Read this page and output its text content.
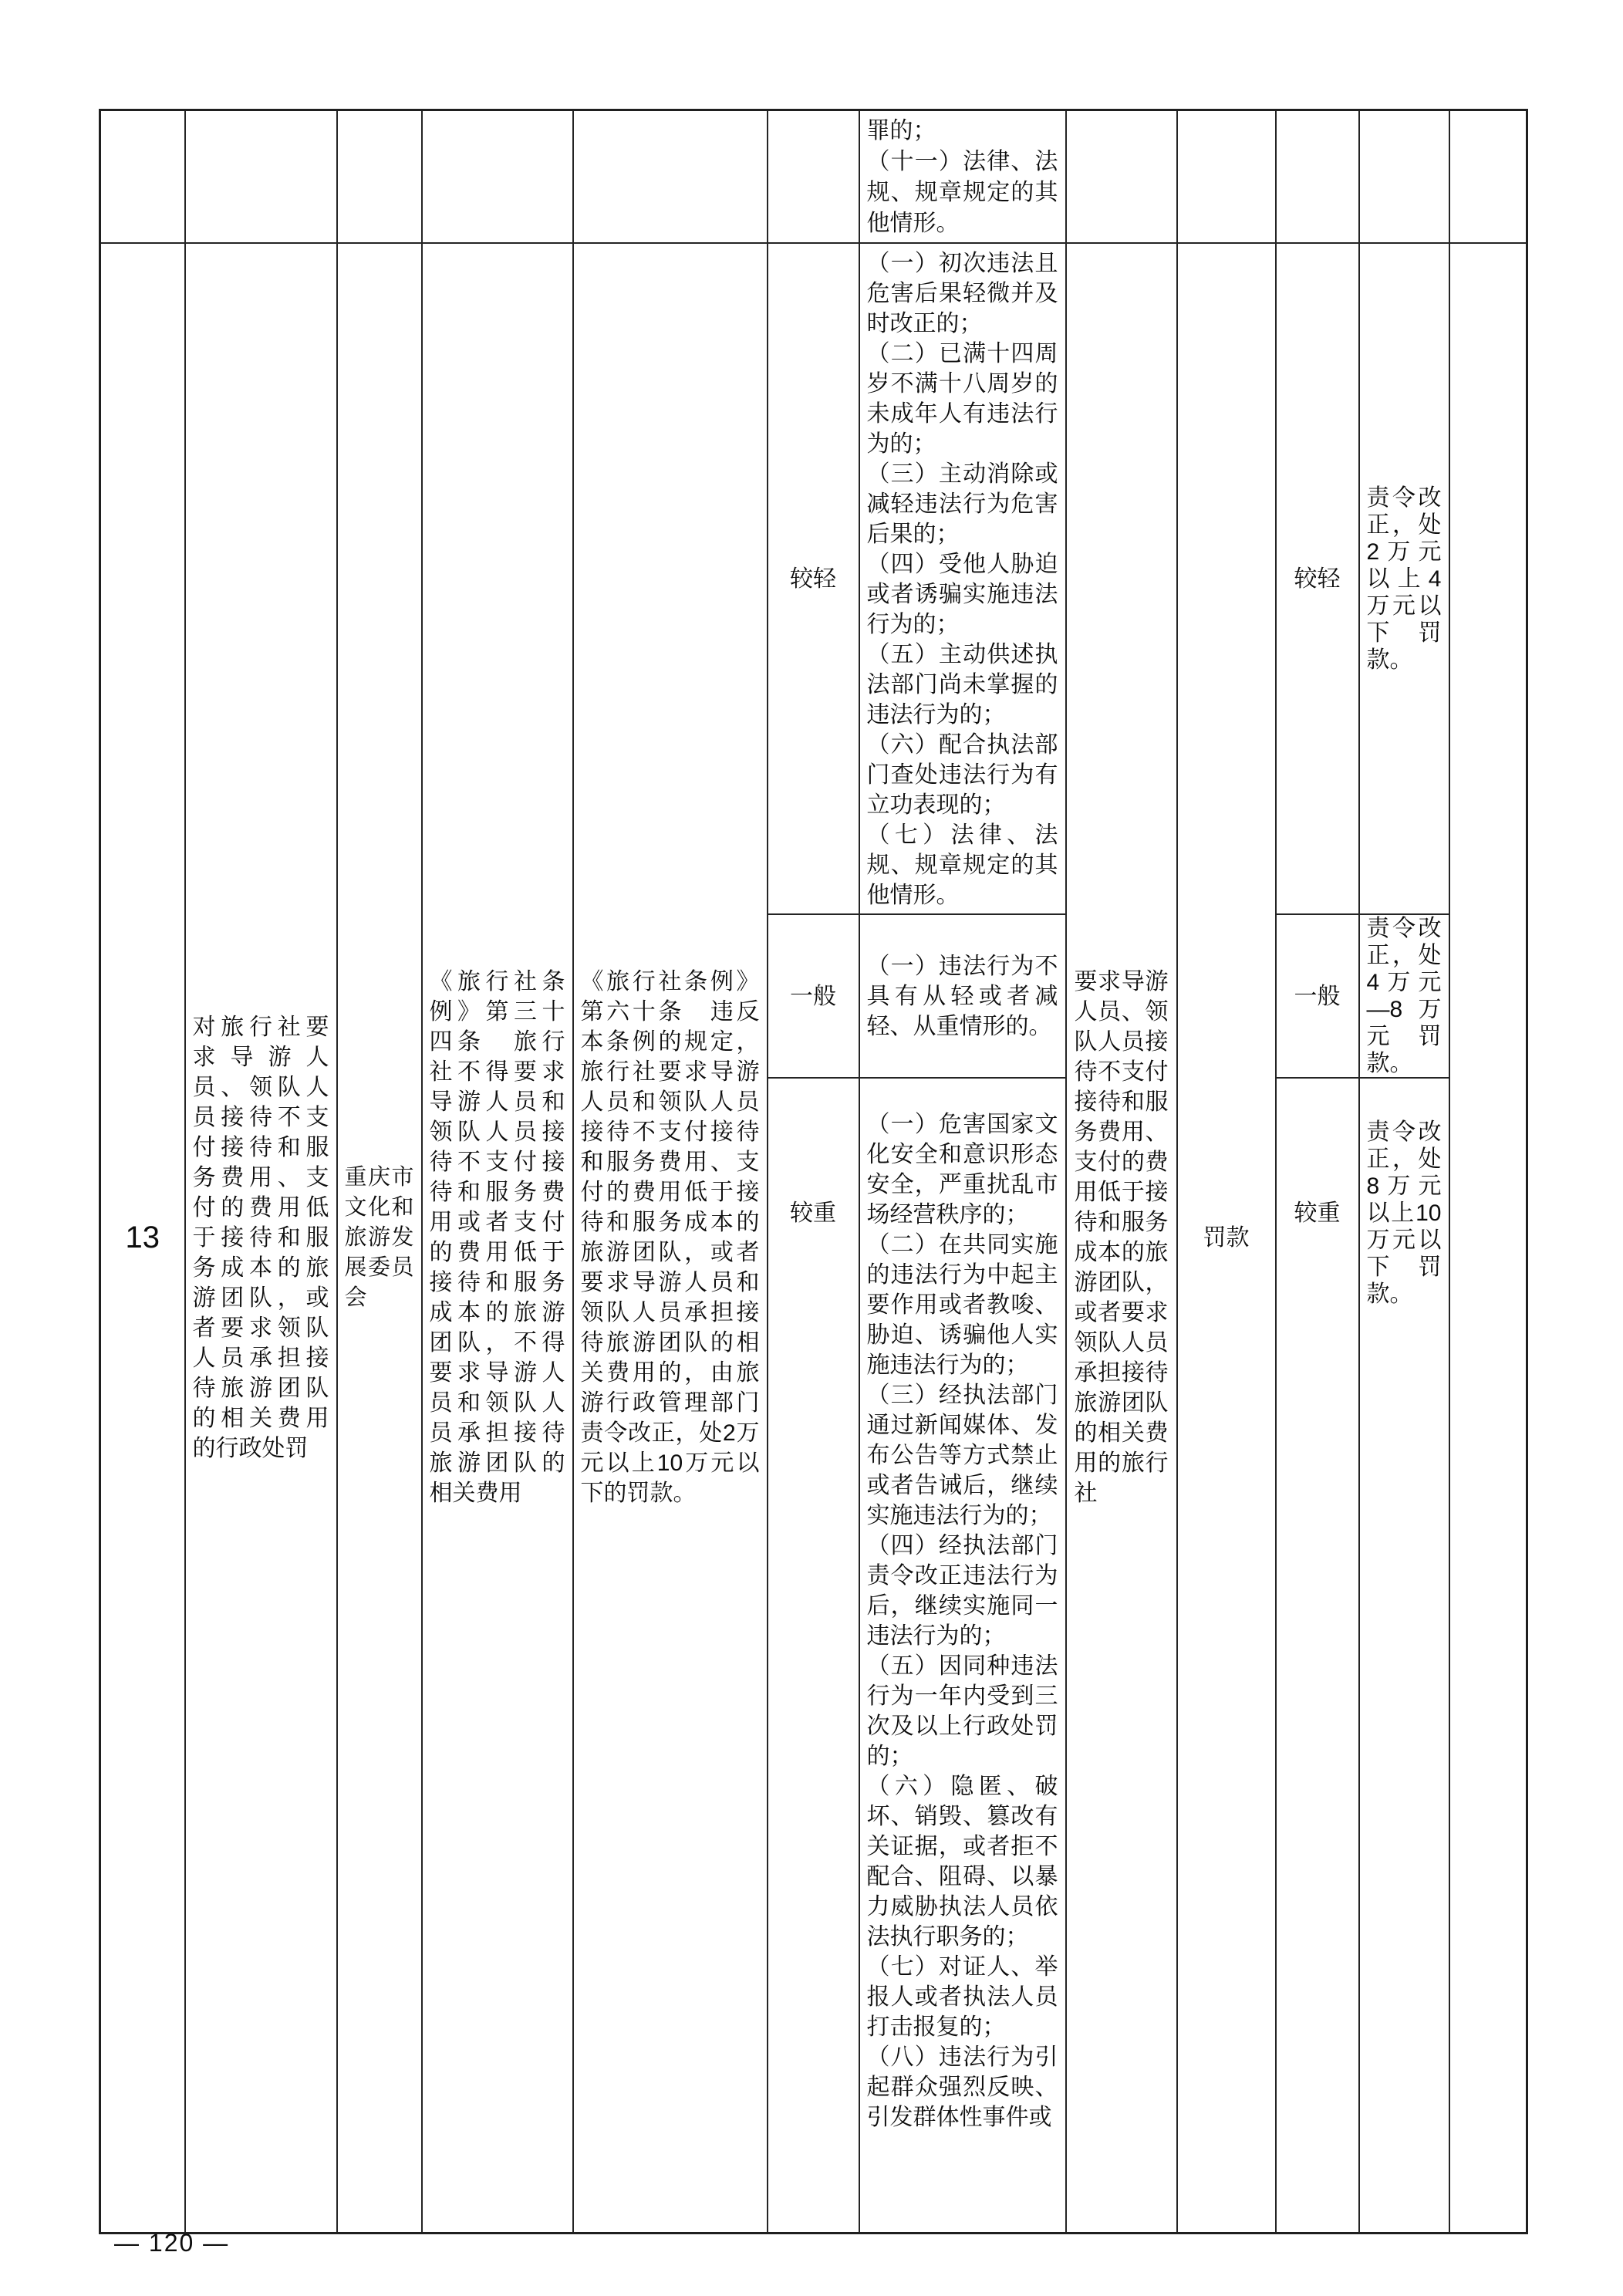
						罪的；
（十一）法律、法规、规章规定的其他情形。					
13	对旅行社要求导游人员、领队人员接待不支付接待和服务费用、支付的费用低于接待和服务成本的旅游团队，或者要求领队人员承担接待旅游团队的相关费用的行政处罚	重庆市文化和旅游发展委员会	《旅行社条例》第三十四条　旅行社不得要求导游人员和领队人员接待不支付接待和服务费用或者支付的费用低于接待和服务成本的旅游团队，不得要求导游人员和领队人员承担接待旅游团队的相关费用	《旅行社条例》第六十条　违反本条例的规定，旅行社要求导游人员和领队人员接待不支付接待和服务费用、支付的费用低于接待和服务成本的旅游团队，或者要求导游人员和领队人员承担接待旅游团队的相关费用的，由旅游行政管理部门责令改正，处2万元以上10万元以下的罚款。	较轻	（一）初次违法且危害后果轻微并及时改正的；
（二）已满十四周岁不满十八周岁的未成年人有违法行为的；
（三）主动消除或减轻违法行为危害后果的；
（四）受他人胁迫或者诱骗实施违法行为的；
（五）主动供述执法部门尚未掌握的违法行为的；
（六）配合执法部门查处违法行为有立功表现的；
（七）法律、法规、规章规定的其他情形。	要求导游人员、领队人员接待不支付接待和服务费用、支付的费用低于接待和服务成本的旅游团队，或者要求领队人员承担接待旅游团队的相关费用的旅行社	罚款	较轻	责令改正，处2万元以上4万元以下罚款。	
					一般	（一）违法行为不具有从轻或者减轻、从重情形的。			一般	责令改正，处4万元—8万元罚款。	
较重	（一）危害国家文化安全和意识形态安全，严重扰乱市场经营秩序的；
（二）在共同实施的违法行为中起主要作用或者教唆、胁迫、诱骗他人实施违法行为的；
（三）经执法部门通过新闻媒体、发布公告等方式禁止或者告诫后，继续实施违法行为的；
（四）经执法部门责令改正违法行为后，继续实施同一违法行为的；
（五）因同种违法行为一年内受到三次及以上行政处罚的；
（六）隐匿、破坏、销毁、篡改有关证据，或者拒不配合、阻碍、以暴力威胁执法人员依法执行职务的；
（七）对证人、举报人或者执法人员打击报复的；
（八）违法行为引起群众强烈反映、引发群体性事件或	较重	责令改正，处8万元以上10万元以下罚款。
— 120 —
